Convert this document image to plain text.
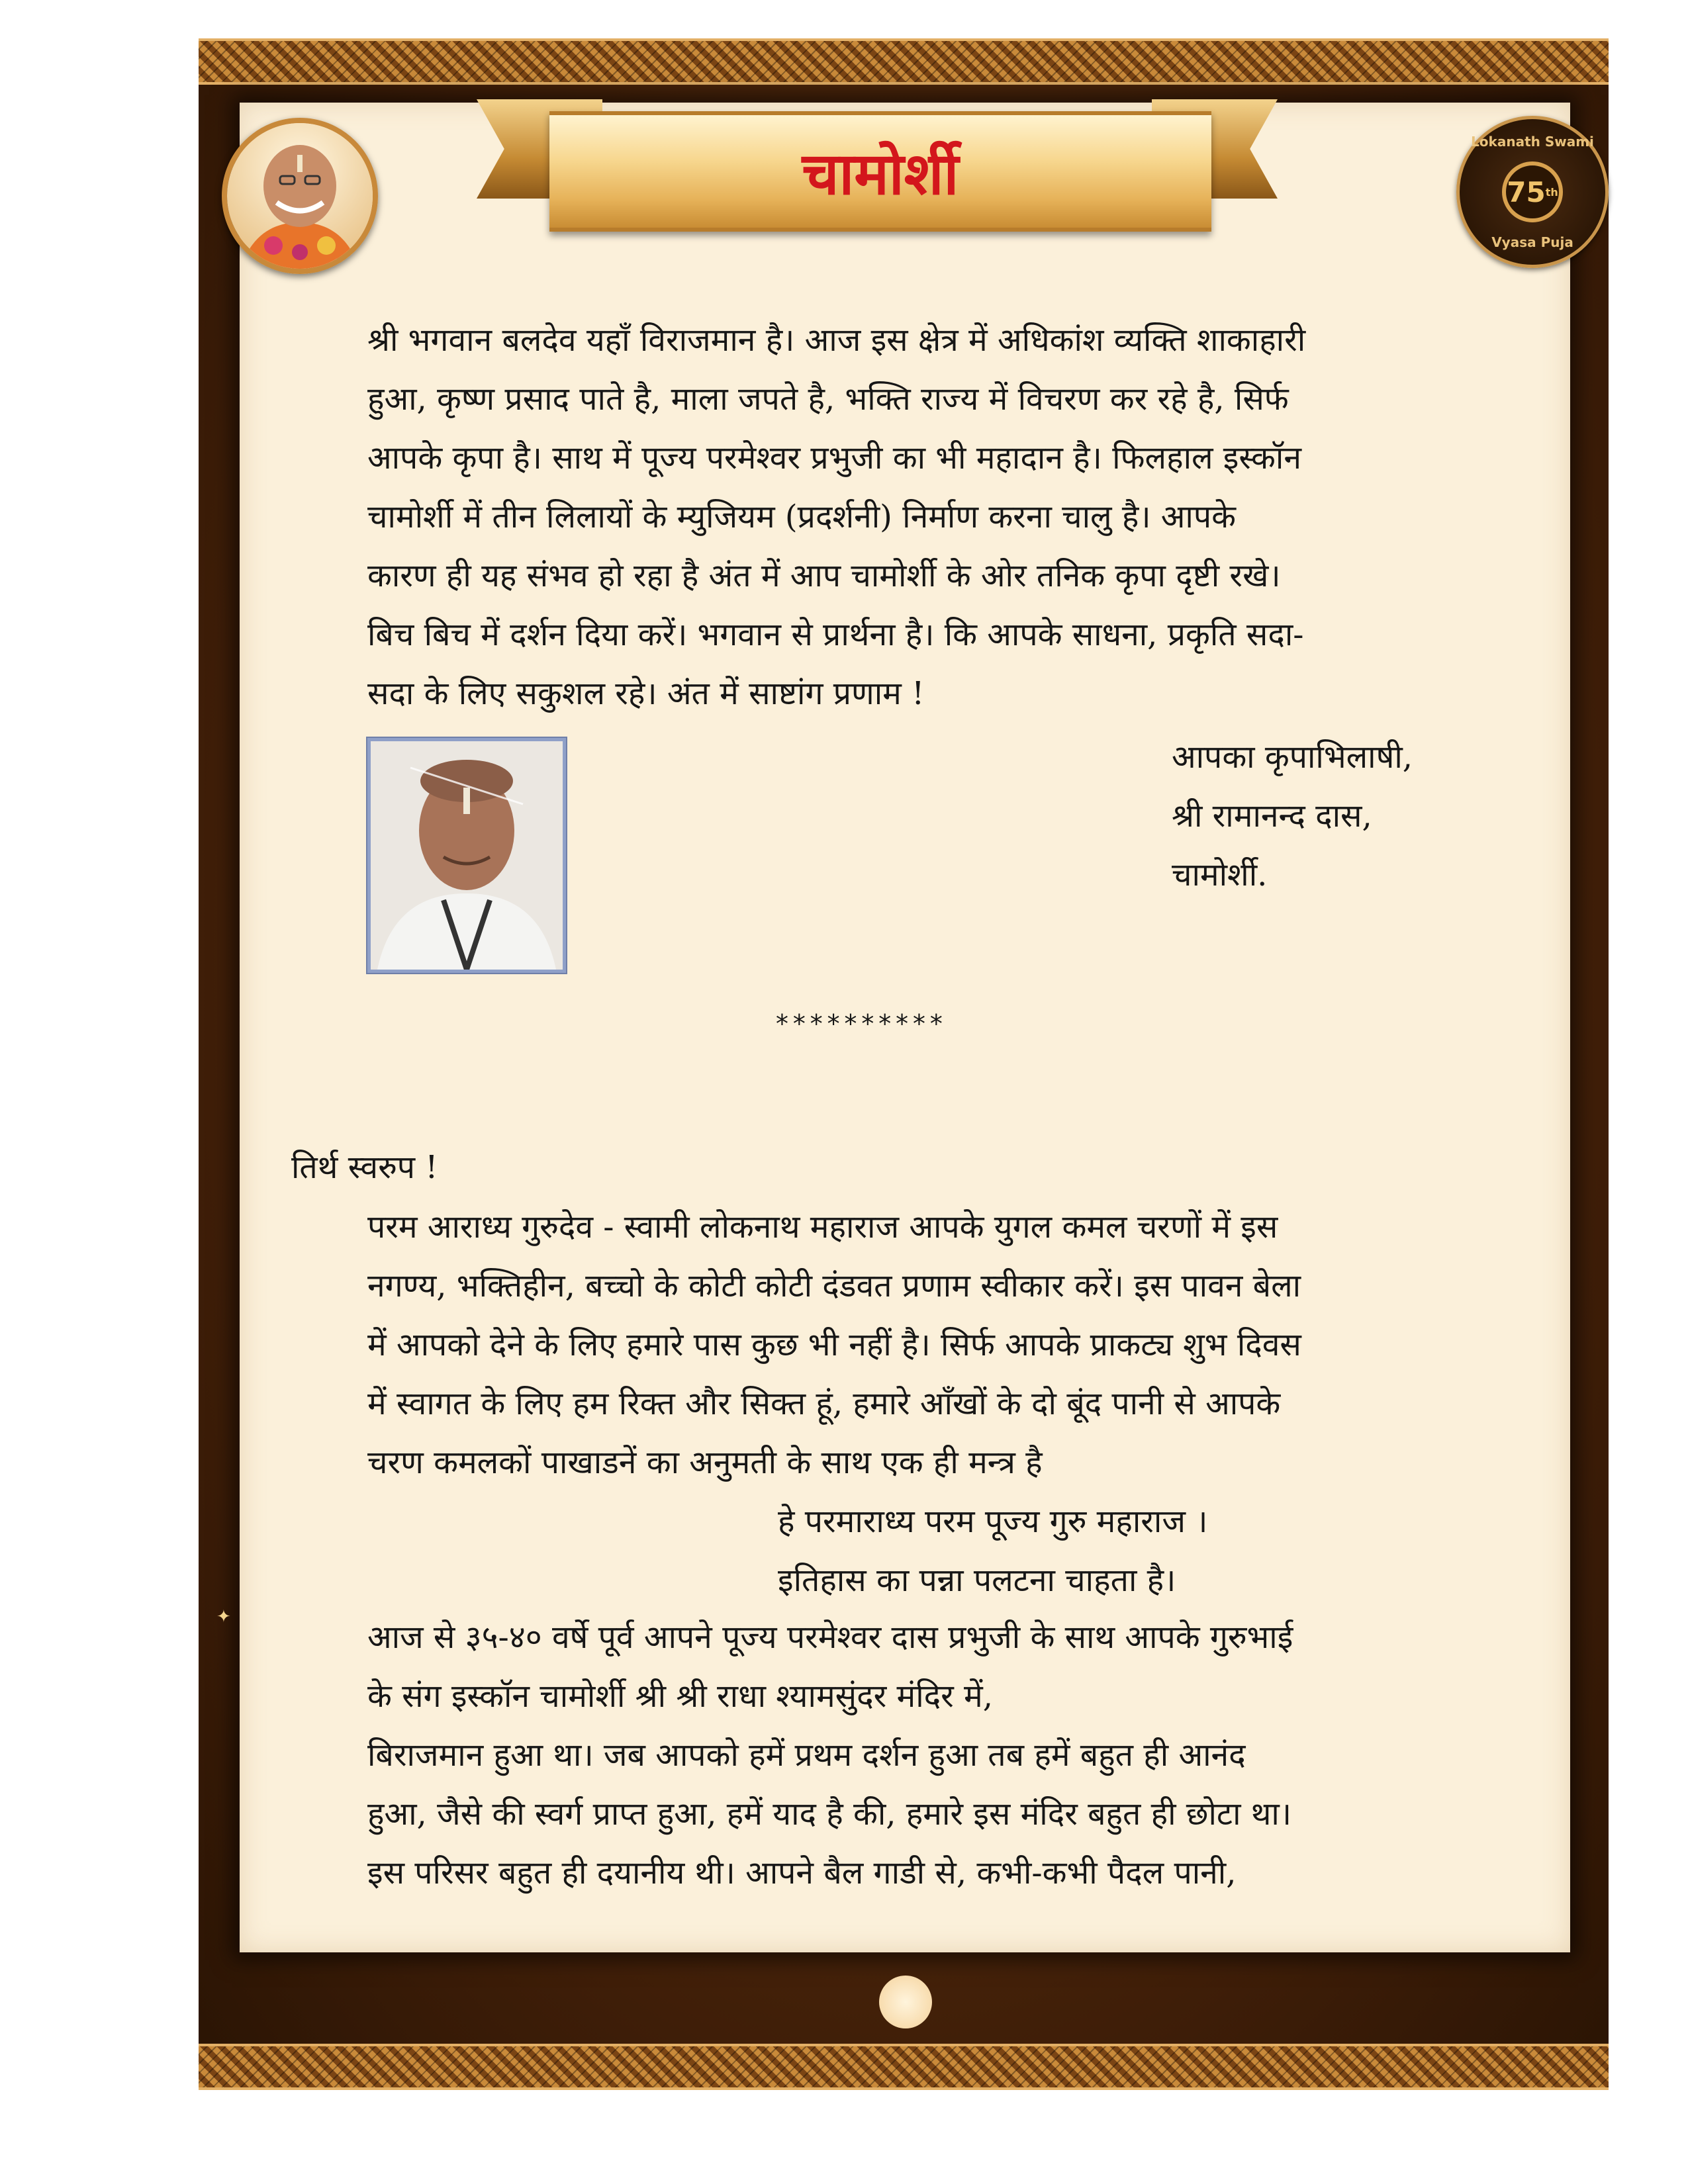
चामोर्शी	Lokanath Swami
75 th
Vyasa Puja
श्री भगवान बलदेव यहाँ विराजमान है। आज इस क्षेत्र में अधिकांश व्यक्ति शाकाहारी
हुआ, कृष्ण प्रसाद पाते है, माला जपते है, भक्ति राज्य में विचरण कर रहे है, सिर्फ
आपके कृपा है। साथ में पूज्य परमेश्वर प्रभुजी का भी महादान है। फिलहाल इस्कॉन
चामोर्शी में तीन लिलायों के म्युजियम (प्रदर्शनी) निर्माण करना चालु है। आपके
कारण ही यह संभव हो रहा है अंत में आप चामोर्शी के ओर तनिक कृपा दृष्टी रखे।
बिच बिच में दर्शन दिया करें। भगवान से प्रार्थना है। कि आपके साधना, प्रकृति सदा-
सदा के लिए सकुशल रहे। अंत में साष्टांग प्रणाम !
आपका कृपाभिलाषी,
श्री रामानन्द दास,
चामोर्शी.
**********
तिर्थ स्वरुप !
परम आराध्य गुरुदेव - स्वामी लोकनाथ महाराज आपके युगल कमल चरणों में इस
नगण्य, भक्तिहीन, बच्चो के कोटी कोटी दंडवत प्रणाम स्वीकार करें। इस पावन बेला
में आपको देने के लिए हमारे पास कुछ भी नहीं है। सिर्फ आपके प्राकट्य शुभ दिवस
में स्वागत के लिए हम रिक्त और सिक्त हूं, हमारे आँखों के दो बूंद पानी से आपके
चरण कमलकों पाखाडनें का अनुमती के साथ एक ही मन्त्र है
हे परमाराध्य परम पूज्य गुरु महाराज ।
इतिहास का पन्ना पलटना चाहता है।
आज से ३५-४० वर्षे पूर्व आपने पूज्य परमेश्वर दास प्रभुजी के साथ आपके गुरुभाई
के संग इस्कॉन चामोर्शी श्री श्री राधा श्यामसुंदर मंदिर में,
बिराजमान हुआ था। जब आपको हमें प्रथम दर्शन हुआ तब हमें बहुत ही आनंद
हुआ, जैसे की स्वर्ग प्राप्त हुआ, हमें याद है की, हमारे इस मंदिर बहुत ही छोटा था।
इस परिसर बहुत ही दयानीय थी। आपने बैल गाडी से, कभी-कभी पैदल पानी,
✦
